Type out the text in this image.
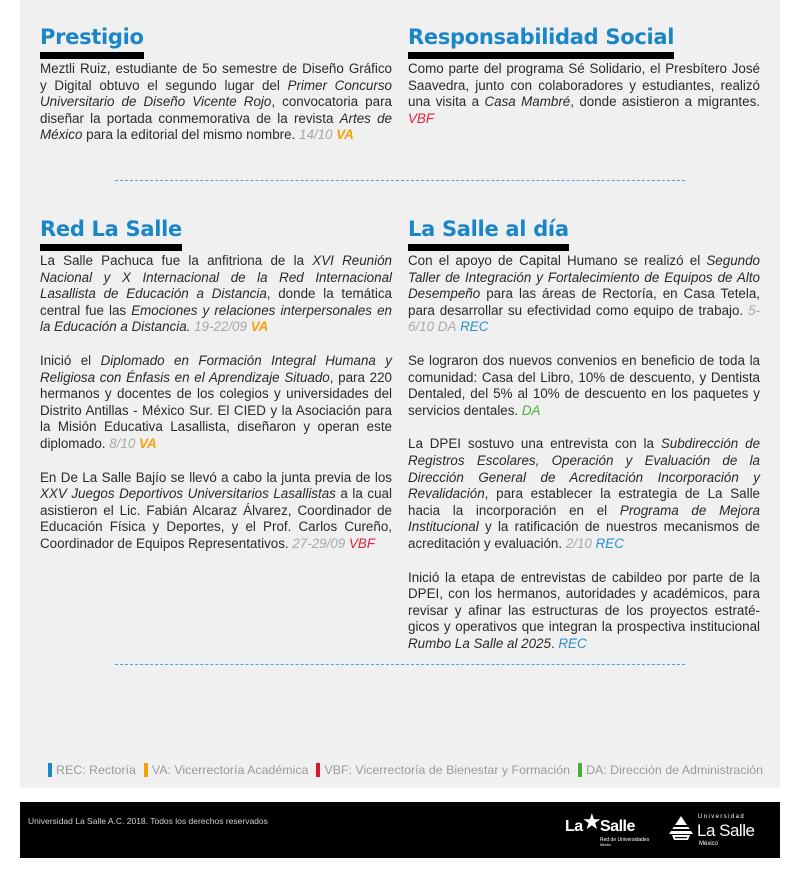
Prestigio

Meztli Ruiz, estudiante de 5o semestre de Diseño Gráfico y Digital obtuvo el segundo lugar del Primer Concurso Universitario de Diseño Vicente Rojo, convocatoria para diseñar la portada conmemorativa de la revista Artes de México para la editorial del mismo nombre. 14/10 VA

Responsabilidad Social

Como parte del programa Sé Solidario, el Presbítero José Saavedra, junto con colaboradores y estudiantes, realizó una visita a Casa Mambré, donde asistieron a migrantes. VBF

Red La Salle

La Salle Pachuca fue la anfitriona de la XVI Reunión Nacional y X Internacional de la Red Internacional Lasallista de Educación a Distancia, donde la temática central fue las Emociones y relaciones interpersonales en la Educación a Distancia. 19-22/09 VA

Inició el Diplomado en Formación Integral Humana y Religiosa con Énfasis en el Aprendizaje Situado, para 220 hermanos y docentes de los colegios y universidades del Distrito Antillas - México Sur. El CIED y la Asociación para la Misión Educativa Lasallista, diseñaron y operan este diplomado. 8/10 VA

En De La Salle Bajío se llevó a cabo la junta previa de los XXV Juegos Deportivos Universitarios Lasallistas a la cual asistieron el Lic. Fabián Alcaraz Álvarez, Coordinador de Educación Física y Deportes, y el Prof. Carlos Cureño, Coordinador de Equipos Representativos. 27-29/09 VBF

La Salle al día

Con el apoyo de Capital Humano se realizó el Segundo Taller de Integración y Fortalecimiento de Equipos de Alto Desempeño para las áreas de Rectoría, en Casa Tetela, para desarrollar su efectividad como equipo de trabajo. 5-6/10 DA REC

Se lograron dos nuevos convenios en beneficio de toda la comunidad: Casa del Libro, 10% de descuento, y Dentista Dentaled, del 5% al 10% de descuento en los paquetes y servicios dentales. DA

La DPEI sostuvo una entrevista con la Subdirección de Registros Escolares, Operación y Evaluación de la Dirección General de Acreditación Incorporación y Revalidación, para establecer la estrategia de La Salle hacia la incorporación en el Programa de Mejora Institucional y la ratificación de nuestros mecanismos de acreditación y evaluación. 2/10 REC

Inició la etapa de entrevistas de cabildeo por parte de la DPEI, con los hermanos, autoridades y académicos, para revisar y afinar las estructuras de los proyectos estraté-gicos y operativos que integran la prospectiva institucional Rumbo La Salle al 2025. REC

REC: Rectoría VA: Vicerrectoría Académica VBF: Vicerrectoría de Bienestar y Formación DA: Dirección de Administración
Universidad La Salle A.C. 2018. Todos los derechos reservados	La ★
Salle
Red de Universidades
México
Universidad
La Salle
México
